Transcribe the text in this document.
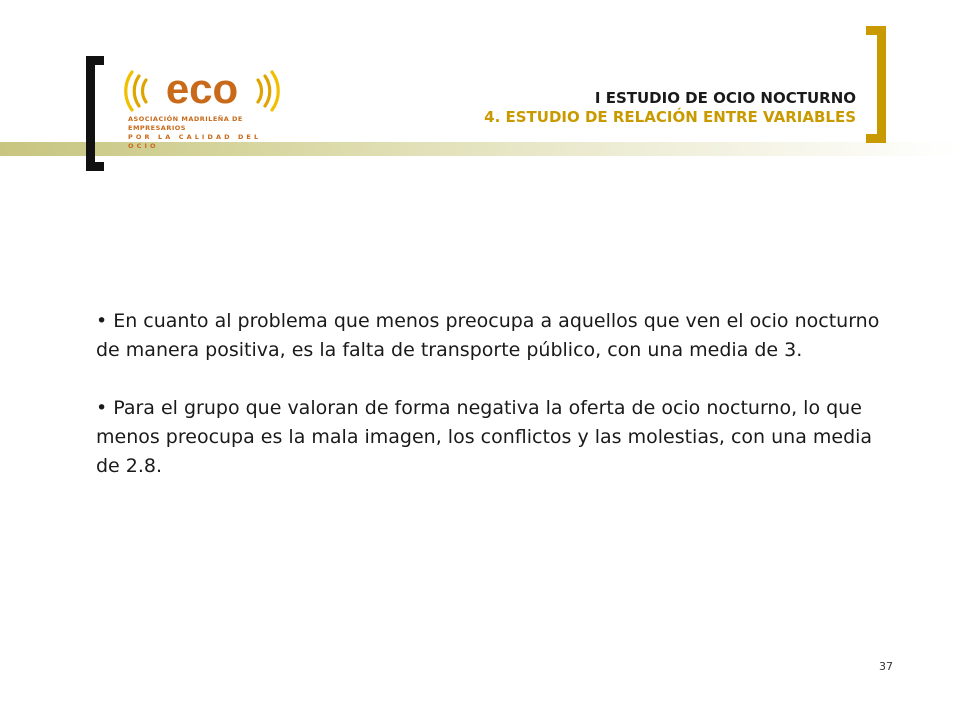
eco
ASOCIACIÓN MADRILEÑA DE EMPRESARIOS
POR LA CALIDAD DEL OCIO
I ESTUDIO DE OCIO NOCTURNO
4. ESTUDIO DE RELACIÓN ENTRE VARIABLES

• En cuanto al problema que menos preocupa a aquellos que ven el ocio nocturno de manera positiva, es la falta de transporte público, con una media de 3.

• Para el grupo que valoran de forma negativa la oferta de ocio nocturno, lo que menos preocupa es la mala imagen, los conflictos y las molestias, con una media de 2.8.

37
